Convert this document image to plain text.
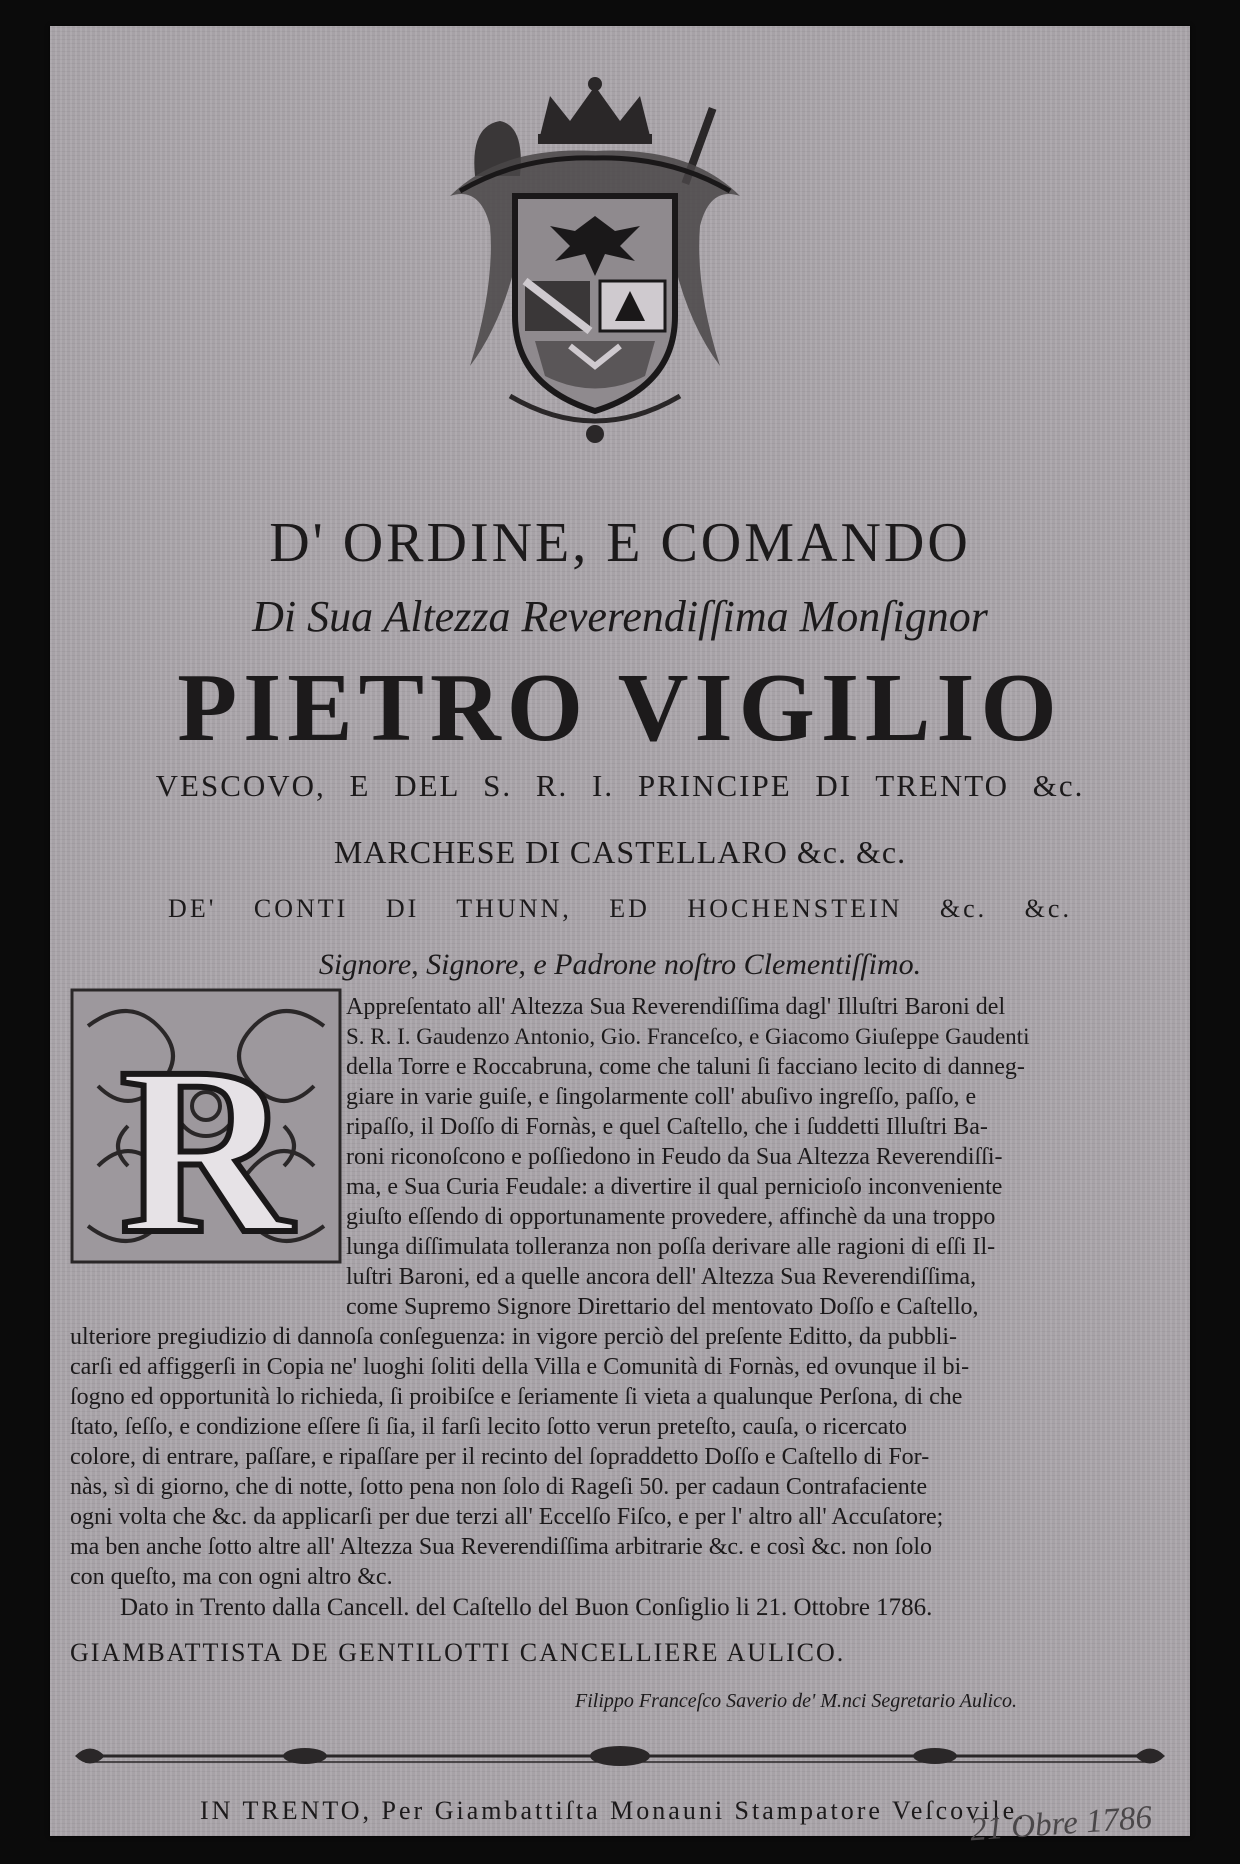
D' ORDINE, E COMANDO
Di Sua Altezza Reverendiſſima Monſignor
PIETRO VIGILIO
VESCOVO, E DEL S. R. I. PRINCIPE DI TRENTO &c.
MARCHESE DI CASTELLARO &c. &c.
DE' CONTI DI THUNN, ED HOCHENSTEIN &c. &c.
Signore, Signore, e Padrone noſtro Clementiſſimo.
R
Appreſentato all' Altezza Sua Reverendiſſima dagl' Illuſtri Baroni del
S. R. I. Gaudenzo Antonio, Gio. Franceſco, e Giacomo Giuſeppe Gaudenti
della Torre e Roccabruna, come che taluni ſi facciano lecito di danneg-
giare in varie guiſe, e ſingolarmente coll' abuſivo ingreſſo, paſſo, e
ripaſſo, il Doſſo di Fornàs, e quel Caſtello, che i ſuddetti Illuſtri Ba-
roni riconoſcono e poſſiedono in Feudo da Sua Altezza Reverendiſſi-
ma, e Sua Curia Feudale: a divertire il qual pernicioſo inconveniente
giuſto eſſendo di opportunamente provedere, affinchè da una troppo
lunga diſſimulata tolleranza non poſſa derivare alle ragioni di eſſi Il-
luſtri Baroni, ed a quelle ancora dell' Altezza Sua Reverendiſſima,
come Supremo Signore Direttario del mentovato Doſſo e Caſtello,
ulteriore pregiudizio di dannoſa conſeguenza: in vigore perciò del preſente Editto, da pubbli-
carſi ed affiggerſi in Copia ne' luoghi ſoliti della Villa e Comunità di Fornàs, ed ovunque il bi-
ſogno ed opportunità lo richieda, ſi proibiſce e ſeriamente ſi vieta a qualunque Perſona, di che
ſtato, ſeſſo, e condizione eſſere ſi ſia, il farſi lecito ſotto verun preteſto, cauſa, o ricercato
colore, di entrare, paſſare, e ripaſſare per il recinto del ſopraddetto Doſſo e Caſtello di For-
nàs, sì di giorno, che di notte, ſotto pena non ſolo di Rageſi 50. per cadaun Contrafaciente
ogni volta che &c. da applicarſi per due terzi all' Eccelſo Fiſco, e per l' altro all' Accuſatore;
ma ben anche ſotto altre all' Altezza Sua Reverendiſſima arbitrarie &c. e così &c. non ſolo
con queſto, ma con ogni altro &c.
Dato in Trento dalla Cancell. del Caſtello del Buon Conſiglio li 21. Ottobre 1786.
GIAMBATTISTA DE GENTILOTTI CANCELLIERE AULICO.
Filippo Franceſco Saverio de' M.nci Segretario Aulico.
IN TRENTO, Per Giambattiſta Monauni Stampatore Veſcovile.
21 Obre 1786
